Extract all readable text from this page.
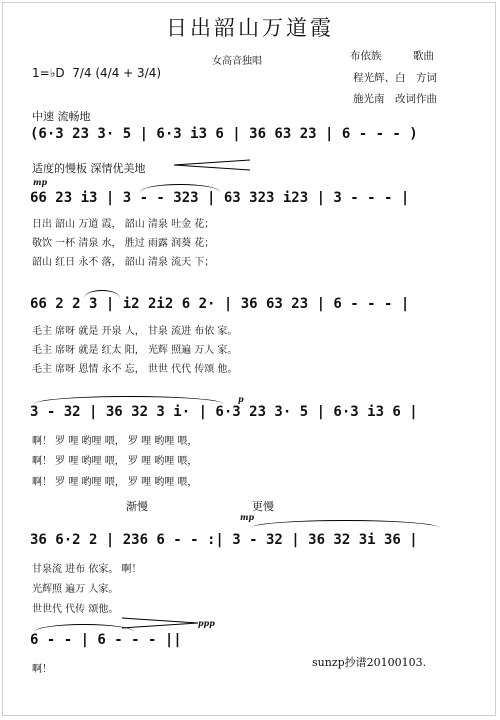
日出韶山万道霞
女高音独唱	布依族　　　	歌曲
程光辉、白　方词
施光南　改词作曲
1=♭D 7/4 (4/4 + 3/4)
中速 流畅地
(6·3 23 3· 5 | 6·3 i3 6 | 36 63 23 | 6 - - - )
适度的慢板 深情优美地
mp
66 23 i3 | 3 - - 323 | 63 323 i23 | 3 - - - |
日出 韶山 万道 霞， 韶山 清泉 吐金 花；
敬饮 一杯 清泉 水， 胜过 雨露 润葵 花；
韶山 红日 永不 落， 韶山 清泉 流天 下；
66 2 2 3 | i2 2i2 6 2· | 36 63 23 | 6 - - - |
毛主 席呀 就是 开泉 人， 甘泉 流进 布依 家。
毛主 席呀 就是 红太 阳， 光辉 照遍 万人 家。
毛主 席呀 恩情 永不 忘， 世世 代代 传颂 他。
p
3 - 32 | 36 32 3 i· | 6·3 23 3· 5 | 6·3 i3 6 |
啊！ 罗 哩 哟哩 喂， 罗 哩 哟哩 喂，
啊！ 罗 哩 哟哩 喂， 罗 哩 哟哩 喂，
啊！ 罗 哩 哟哩 喂， 罗 哩 哟哩 喂，
渐慢	更慢
mp
36 6·2 2 | 236 6 - - :| 3 - 32 | 36 32 3i 36 |
甘泉流 进布 依家。 啊！
光辉照 遍万 人家。
世世代 代传 颂他。
ppp
6 - - | 6 - - - ||
啊！
sunzp抄谱20100103.
